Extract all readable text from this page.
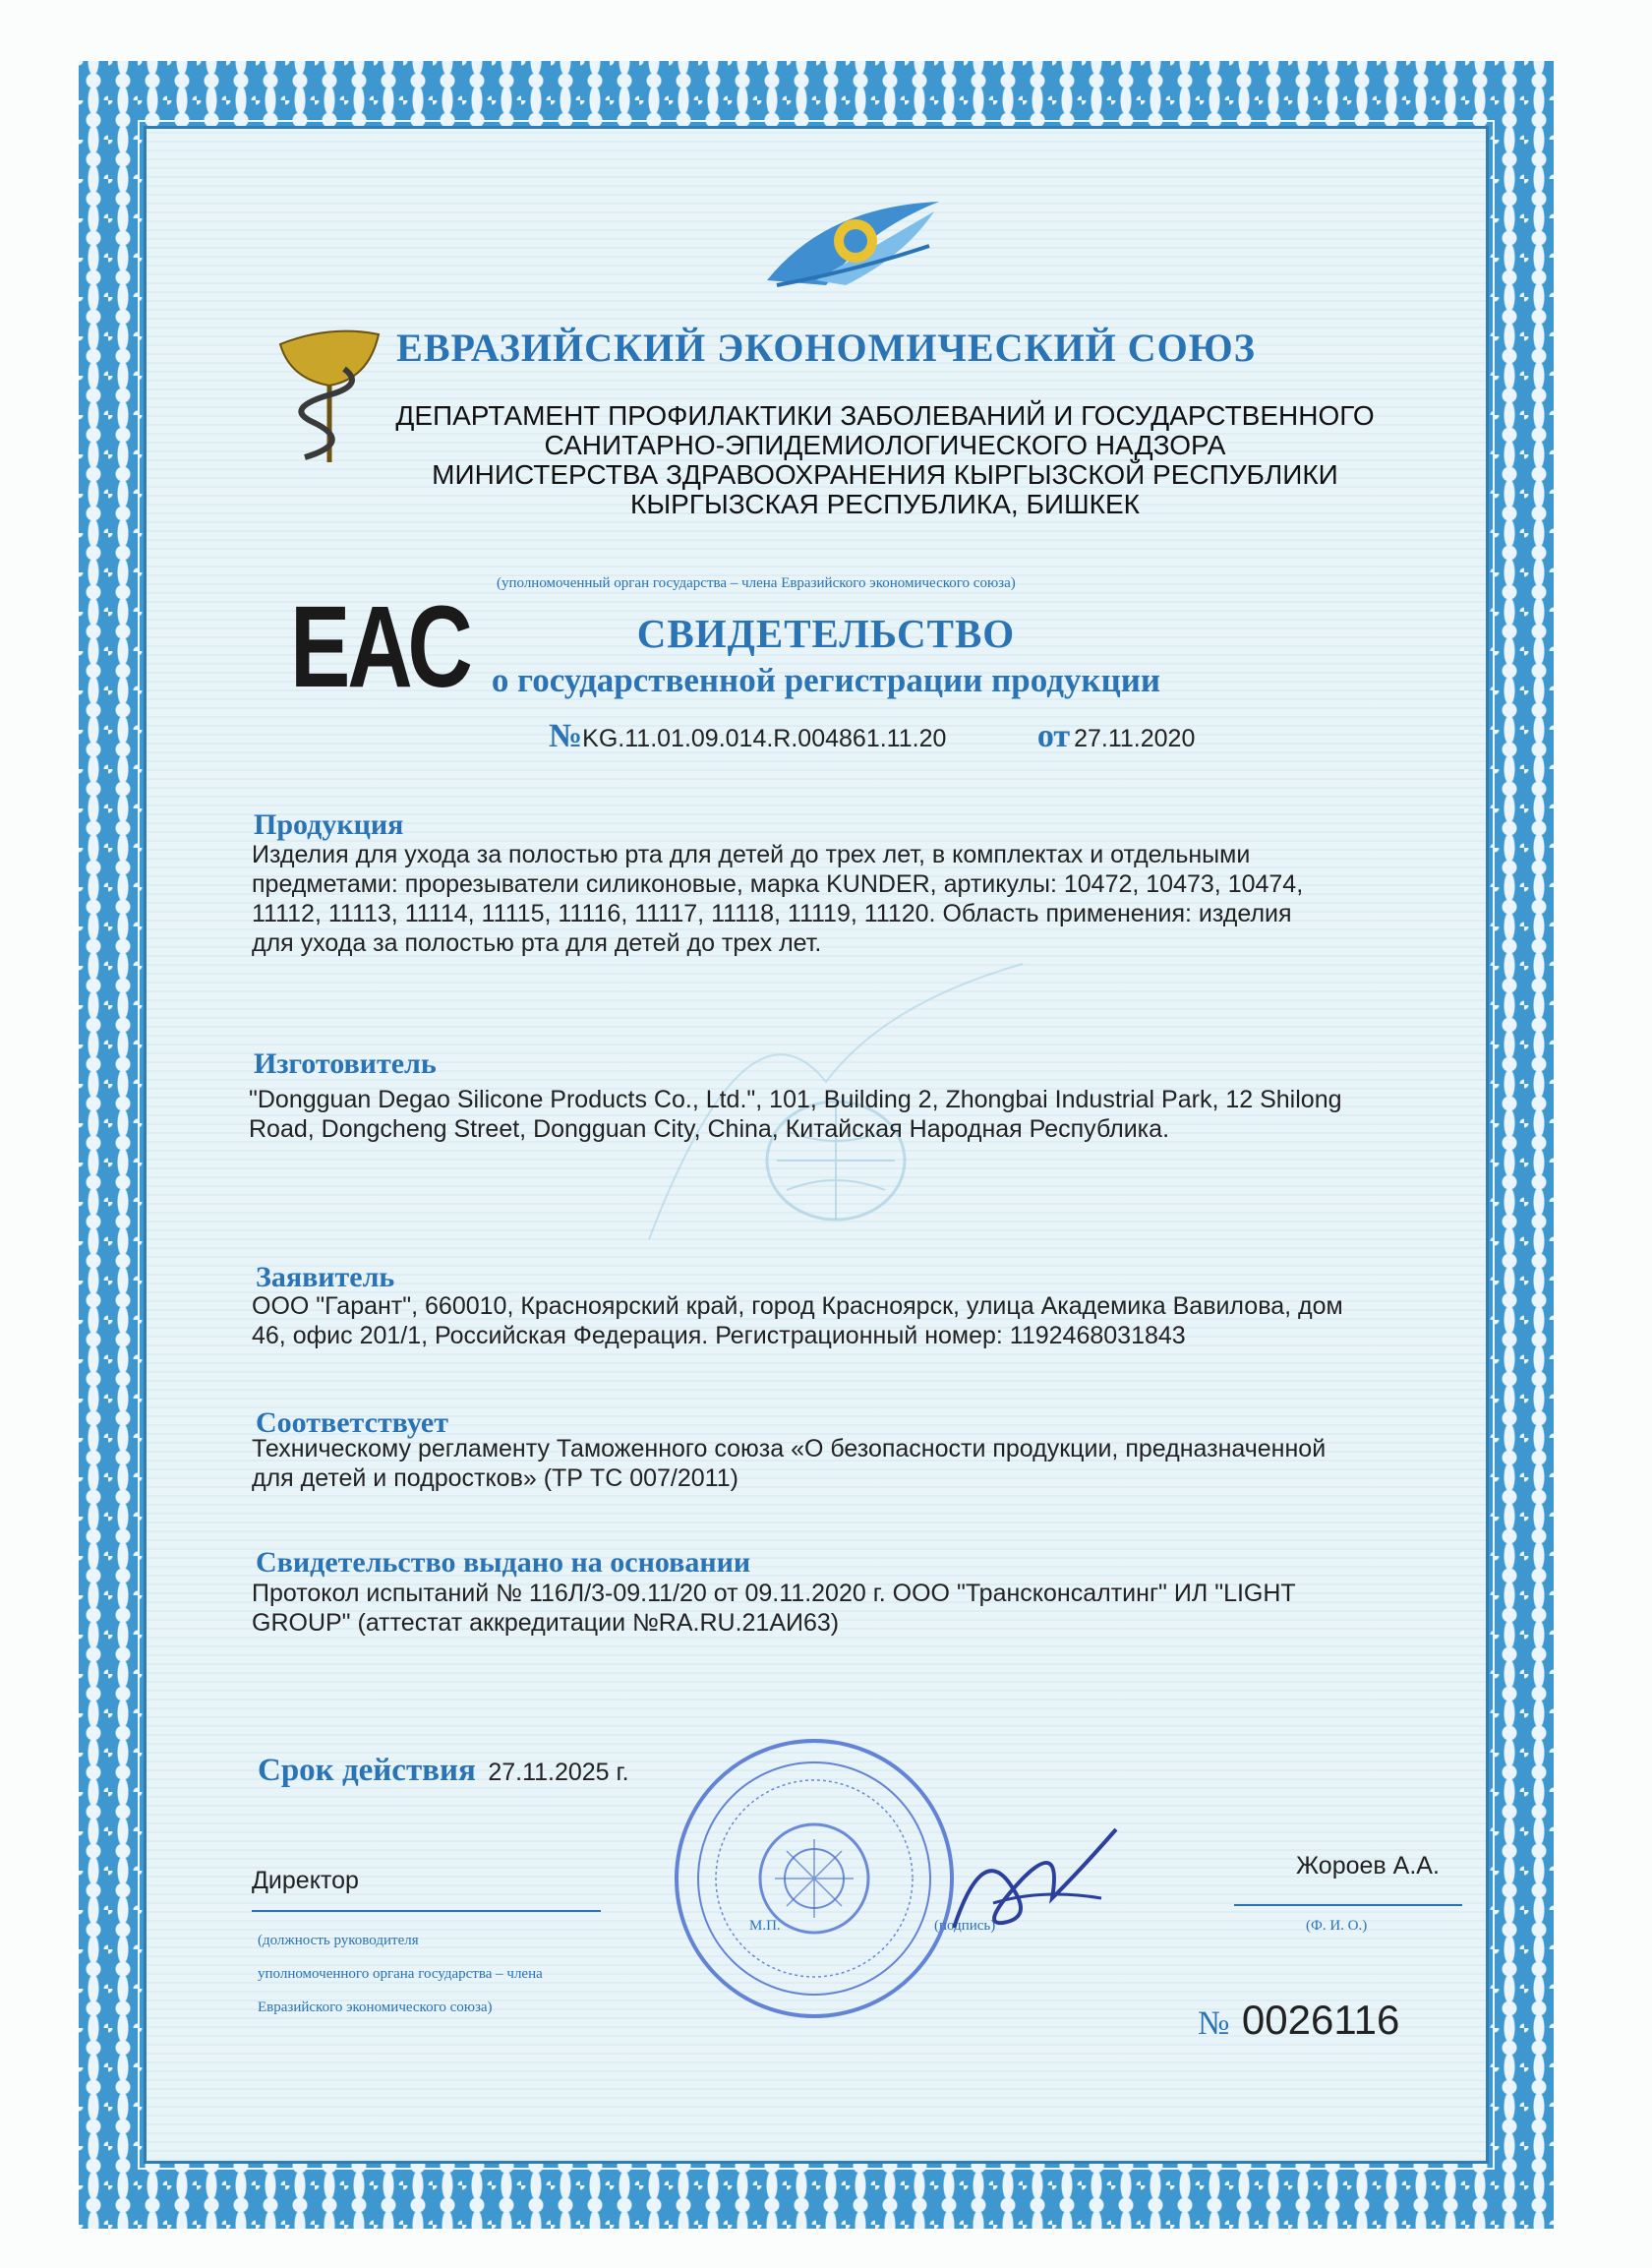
ЕВРАЗИЙСКИЙ ЭКОНОМИЧЕСКИЙ СОЮЗ
ДЕПАРТАМЕНТ ПРОФИЛАКТИКИ ЗАБОЛЕВАНИЙ И ГОСУДАРСТВЕННОГО
САНИТАРНО-ЭПИДЕМИОЛОГИЧЕСКОГО НАДЗОРА
МИНИСТЕРСТВА ЗДРАВООХРАНЕНИЯ КЫРГЫЗСКОЙ РЕСПУБЛИКИ
КЫРГЫЗСКАЯ РЕСПУБЛИКА, БИШКЕК
(уполномоченный орган государства – члена Евразийского экономического союза)
ЕАС	СВИДЕТЕЛЬСТВО
о государственной регистрации продукции
№KG.11.01.09.014.R.004861.11.20	от 27.11.2020
Продукция
Изделия для ухода за полостью рта для детей до трех лет, в комплектах и отдельными
предметами: прорезыватели силиконовые, марка KUNDER, артикулы: 10472, 10473, 10474,
11112, 11113, 11114, 11115, 11116, 11117, 11118, 11119, 11120. Область применения: изделия
для ухода за полостью рта для детей до трех лет.
Изготовитель
"Dongguan Degao Silicone Products Co., Ltd.", 101, Building 2, Zhongbai Industrial Park, 12 Shilong
Road, Dongcheng Street, Dongguan City, China, Китайская Народная Республика.
Заявитель
ООО "Гарант", 660010, Красноярский край, город Красноярск, улица Академика Вавилова, дом
46, офис 201/1, Российская Федерация. Регистрационный номер: 1192468031843
Соответствует
Техническому регламенту Таможенного союза «О безопасности продукции, предназначенной
для детей и подростков» (ТР ТС 007/2011)
Свидетельство выдано на основании
Протокол испытаний № 116Л/3-09.11/20 от 09.11.2020 г. ООО "Трансконсалтинг" ИЛ "LIGHT
GROUP" (аттестат аккредитации №RA.RU.21АИ63)
Срок действия 27.11.2025 г.
Директор
(должность руководителя
уполномоченного органа государства – члена
Евразийского экономического союза)
М.П.	(подпись)
Жороев А.А.
(Ф. И. О.)
№ 0026116
